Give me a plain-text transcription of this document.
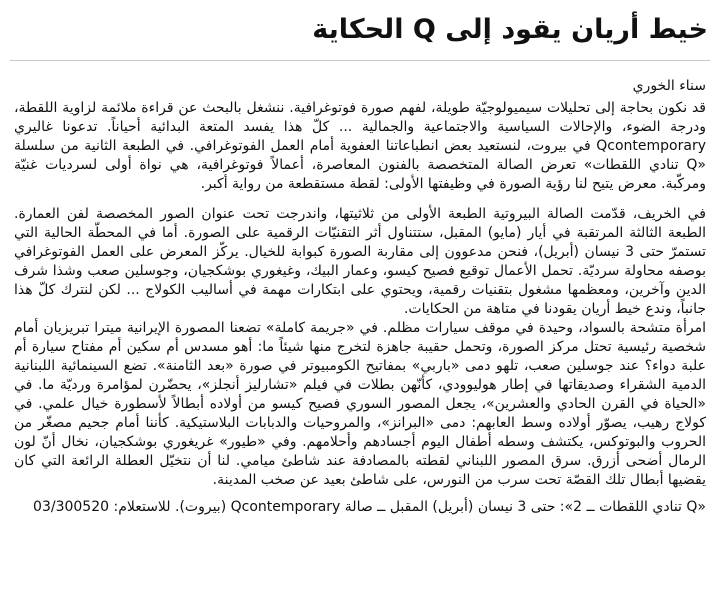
خيط أريان يقود إلى Q الحكاية
سناء الخوري

قد نكون بحاجة إلى تحليلات سيميولوجيّة طويلة، لفهم صورة فوتوغرافية. ننشغل بالبحث عن قراءة ملائمة لزاوية اللقطة، ودرجة الضوء، والإحالات السياسية والاجتماعية والجمالية ... كلّ هذا يفسد المتعة البدائية أحياناً. تدعونا غاليري Qcontemporary في بيروت، لنستعيد بعض انطباعاتنا العفوية أمام العمل الفوتوغرافي. في الطبعة الثانية من سلسلة «Q تنادي اللقطات» تعرض الصالة المتخصصة بالفنون المعاصرة، أعمالاً فوتوغرافية، هي نواة أولى لسرديات غنيّة ومركّبة. معرض يتيح لنا رؤية الصورة في وظيفتها الأولى: لقطة مستقطعة من رواية أكبر.

في الخريف، قدّمت الصالة البيروتية الطبعة الأولى من ثلاثيتها، واندرجت تحت عنوان الصور المخصصة لفن العمارة. الطبعة الثالثة المرتقبة في أيار (مايو) المقبل، ستتناول أثر التقنيّات الرقمية على الصورة. أما في المحطّة الحالية التي تستمرّ حتى 3 نيسان (أبريل)، فنحن مدعوون إلى مقاربة الصورة كبوابة للخيال. يركّز المعرض على العمل الفوتوغرافي بوصفه محاولة سرديّة. تحمل الأعمال توقيع فصيح كيسو، وعمار البيك، وغيغوري بوشكجيان، وجوسلين صعب وشذا شرف الدين وآخرين، ومعظمها مشغول بتقنيات رقمية، ويحتوي على ابتكارات مهمة في أساليب الكولاج ... لكن لنترك كلّ هذا جانباً، وندع خيط أريان يقودنا في متاهة من الحكايات.

امرأة متشحة بالسواد، وحيدة في موقف سيارات مظلم. في «جريمة كاملة» تضعنا المصورة الإيرانية ميترا تبريزيان أمام شخصية رئيسية تحتل مركز الصورة، وتحمل حقيبة جاهزة لتخرج منها شيئاً ما: أهو مسدس أم سكين أم مفتاح سيارة أم علبة دواء؟ عند جوسلين صعب، تلهو دمى «باربي» بمفاتيح الكومبيوتر في صورة «بعد الثامنة». تضع السينمائية اللبنانية الدمية الشقراء وصديقاتها في إطار هوليوودي، كأنّهن بطلات في فيلم «تشارليز أنجلز»، يحضّرن لمؤامرة ورديّة ما. في «الحياة في القرن الحادي والعشرين»، يجعل المصور السوري فصيح كيسو من أولاده أبطالاً لأسطورة خيال علمي. في كولاج رهيب، يصوّر أولاده وسط العابهم: دمى «البرانز»، والمروحيات والدبابات البلاستيكية. كأننا أمام جحيم مصغّر من الحروب والبوتوكس، يكتشف وسطه أطفال اليوم أجسادهم وأحلامهم. وفي «طيور» غريغوري بوشكجيان، نخال أنّ لون الرمال أضحى أزرق. سرق المصور اللبناني لقطته بالمصادفة عند شاطئ ميامي. لنا أن نتخيّل العطلة الرائعة التي كان يقضيها أبطال تلك القصّة تحت سرب من النورس، على شاطئ بعيد عن صخب المدينة.

«Q تنادي اللقطات ــ 2»: حتى 3 نيسان (أبريل) المقبل ــ صالة Qcontemporary (بيروت). للاستعلام: 03/300520
